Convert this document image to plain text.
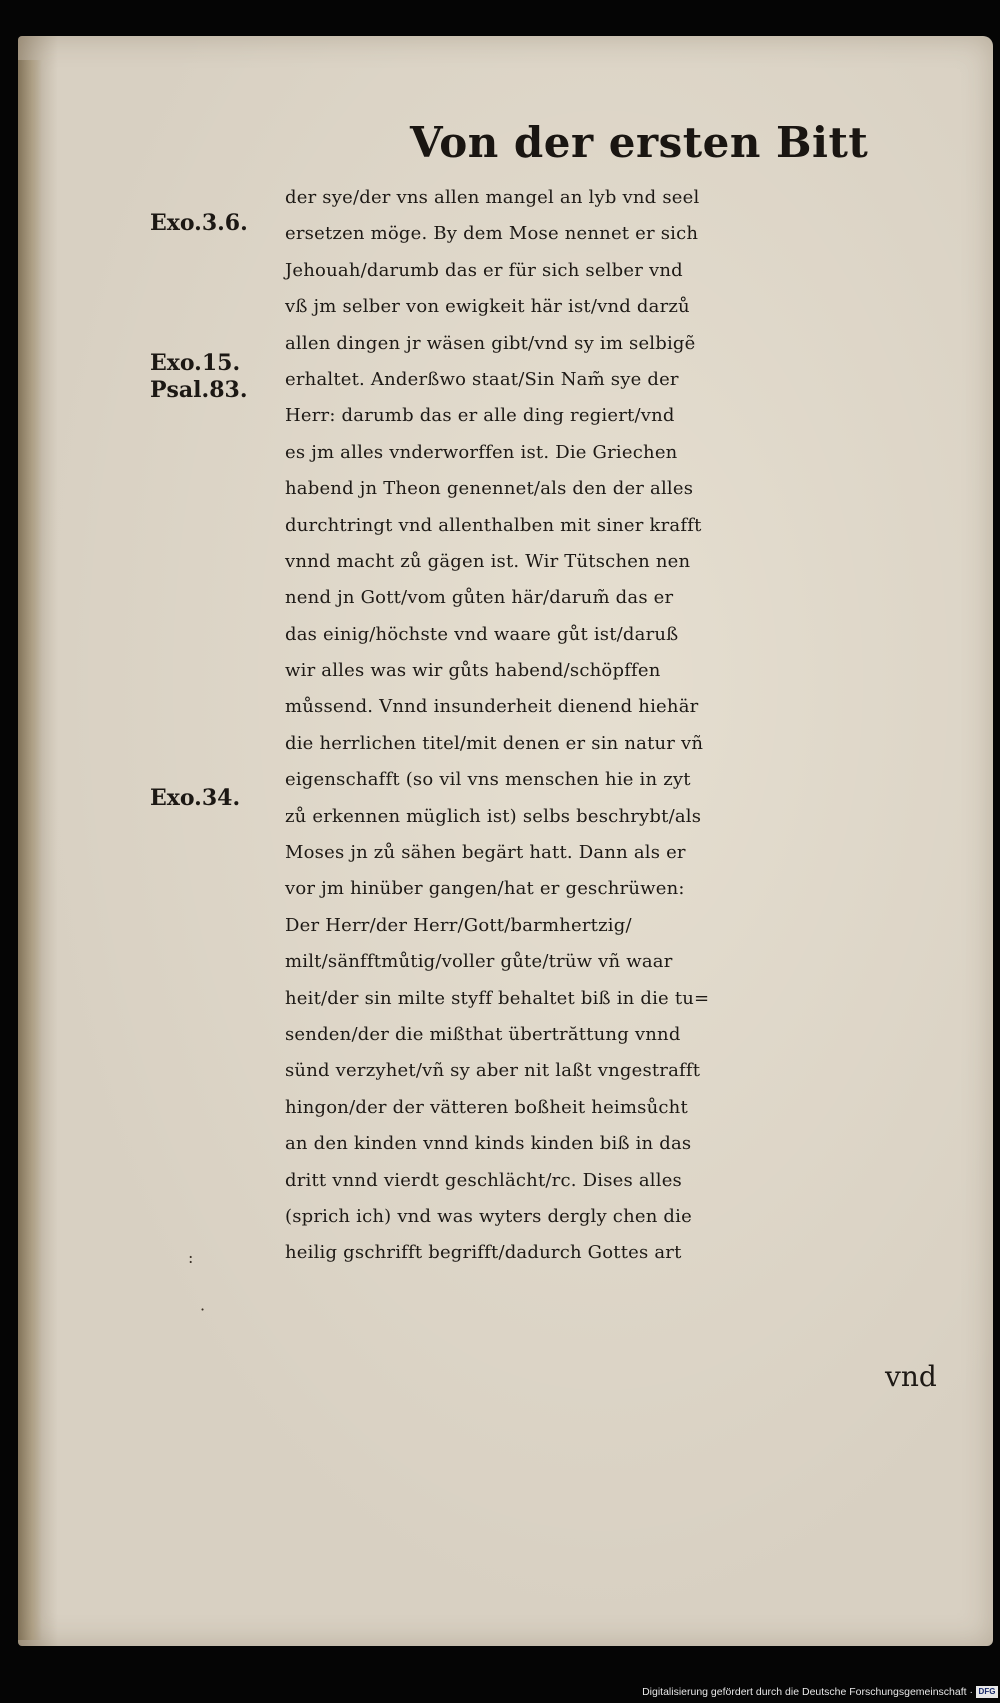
Von der ersten Bitt
Exo.3.6.
Exo.15.
Psal.83.
Exo.34.
:
·
der sye/der vns allen mangel an lyb vnd seel
ersetzen möge. By dem Mose nennet er sich
Jehouah/darumb das er für sich selber vnd
vß jm selber von ewigkeit här ist/vnd darzů
allen dingen jr wäsen gibt/vnd sy im selbigẽ
erhaltet. Anderßwo staat/Sin Nam̃ sye der
Herr: darumb das er alle ding regiert/vnd
es jm alles vnderworffen ist. Die Griechen
habend jn Theon genennet/als den der alles
durchtringt vnd allenthalben mit siner krafft
vnnd macht zů gägen ist. Wir Tütschen nen
nend jn Gott/vom gůten här/darum̃ das er
das einig/höchste vnd waare gůt ist/daruß
wir alles was wir gůts habend/schöpffen
můssend. Vnnd insunderheit dienend hiehär
die herrlichen titel/mit denen er sin natur vñ
eigenschafft (so vil vns menschen hie in zyt
zů erkennen müglich ist) selbs beschrybt/als
Moses jn zů sähen begärt hatt. Dann als er
vor jm hinüber gangen/hat er geschrüwen:
Der Herr/der Herr/Gott/barmhertzig/
milt/sänfftmůtig/voller gůte/trüw vñ waar
heit/der sin milte styff behaltet biß in die tu=
senden/der die mißthat übertrăttung vnnd
sünd verzyhet/vñ sy aber nit laßt vngestrafft
hingon/der der vätteren boßheit heimsůcht
an den kinden vnnd kinds kinden biß in das
dritt vnnd vierdt geschlächt/rc. Dises alles
(sprich ich) vnd was wyters dergly chen die
heilig gschrifft begrifft/dadurch Gottes art
vnd
Digitalisierung gefördert durch die Deutsche Forschungsgemeinschaft · DFG
